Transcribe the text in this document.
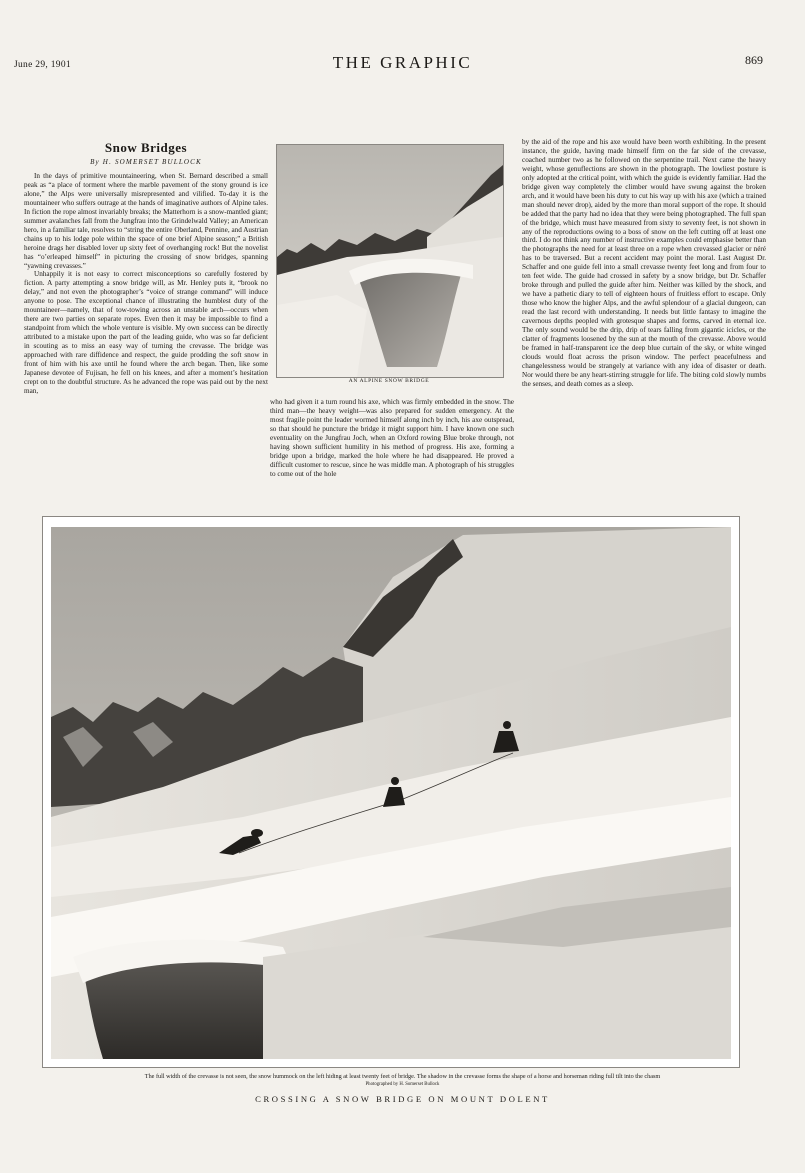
June 29, 1901	THE GRAPHIC	869
Snow Bridges
By H. SOMERSET BULLOCK

In the days of primitive mountaineering, when St. Bernard described a small peak as “a place of torment where the marble pavement of the stony ground is ice alone,” the Alps were universally misrepresented and vilified. To-day it is the mountaineer who suffers outrage at the hands of imaginative authors of Alpine tales. In fiction the rope almost invariably breaks; the Matterhorn is a snow-mantled giant; summer avalanches fall from the Jungfrau into the Grindelwald Valley; an American hero, in a familiar tale, resolves to “string the entire Oberland, Pennine, and Austrian chains up to his lodge pole within the space of one brief Alpine season;” a British heroine drags her disabled lover up sixty feet of overhanging rock! But the novelist has “o’erleaped himself” in picturing the crossing of snow bridges, spanning “yawning crevasses.”

Unhappily it is not easy to correct misconceptions so carefully fostered by fiction. A party attempting a snow bridge will, as Mr. Henley puts it, “brook no delay,” and not even the photographer’s “voice of strange command” will induce anyone to pose. The exceptional chance of illustrating the humblest duty of the mountaineer—namely, that of tow-towing across an unstable arch—occurs when there are two parties on separate ropes. Even then it may be impossible to find a standpoint from which the whole venture is visible. My own success can be directly attributed to a mistake upon the part of the leading guide, who was so far deficient in scouting as to miss an easy way of turning the crevasse. The bridge was approached with rare diffidence and respect, the guide prodding the soft snow in front of him with his axe until he found where the arch began. Then, like some Japanese devotee of Fujisan, he fell on his knees, and after a moment’s hesitation crept on to the doubtful structure. As he advanced the rope was paid out by the next man,

AN ALPINE SNOW BRIDGE

who had given it a turn round his axe, which was firmly embedded in the snow. The third man—the heavy weight—was also prepared for sudden emergency. At the most fragile point the leader wormed himself along inch by inch, his axe outspread, so that should he puncture the bridge it might support him. I have known one such eventuality on the Jungfrau Joch, when an Oxford rowing Blue broke through, not having shown sufficient humility in his method of progress. His axe, forming a bridge upon a bridge, marked the hole where he had disappeared. He proved a difficult customer to rescue, since he was middle man. A photograph of his struggles to come out of the hole

by the aid of the rope and his axe would have been worth exhibiting. In the present instance, the guide, having made himself firm on the far side of the crevasse, coached number two as he followed on the serpentine trail. Next came the heavy weight, whose genuflections are shown in the photograph. The lowliest posture is only adopted at the critical point, with which the guide is evidently familiar. Had the bridge given way completely the climber would have swung against the broken arch, and it would have been his duty to cut his way up with his axe (which a trained man should never drop), aided by the more than moral support of the rope. It should be added that the party had no idea that they were being photographed. The full span of the bridge, which must have measured from sixty to seventy feet, is not shown in any of the reproductions owing to a boss of snow on the left cutting off at least one third. I do not think any number of instructive examples could emphasise better than the photographs the need for at least three on a rope when crevassed glacier or néré has to be traversed. But a recent accident may point the moral. Last August Dr. Schaffer and one guide fell into a small crevasse twenty feet long and from four to ten feet wide. The guide had crossed in safety by a snow bridge, but Dr. Schaffer broke through and pulled the guide after him. Neither was killed by the shock, and we have a pathetic diary to tell of eighteen hours of fruitless effort to escape. Only those who know the higher Alps, and the awful splendour of a glacial dungeon, can read the last record with understanding. It needs but little fantasy to imagine the cavernous depths peopled with grotesque shapes and forms, carved in eternal ice. The only sound would be the drip, drip of tears falling from gigantic icicles, or the clatter of fragments loosened by the sun at the mouth of the crevasse. Above would be framed in half-transparent ice the deep blue curtain of the sky, or white winged clouds would float across the prison window. The perfect peacefulness and changelessness would be strangely at variance with any idea of disaster or death. Nor would there be any heart-stirring struggle for life. The biting cold slowly numbs the senses, and death comes as a sleep.

The full width of the crevasse is not seen, the snow hummock on the left hiding at least twenty feet of bridge. The shadow in the crevasse forms the shape of a horse and horseman riding full tilt into the chasm
Photographed by H. Somerset Bullock
CROSSING A SNOW BRIDGE ON MOUNT DOLENT
